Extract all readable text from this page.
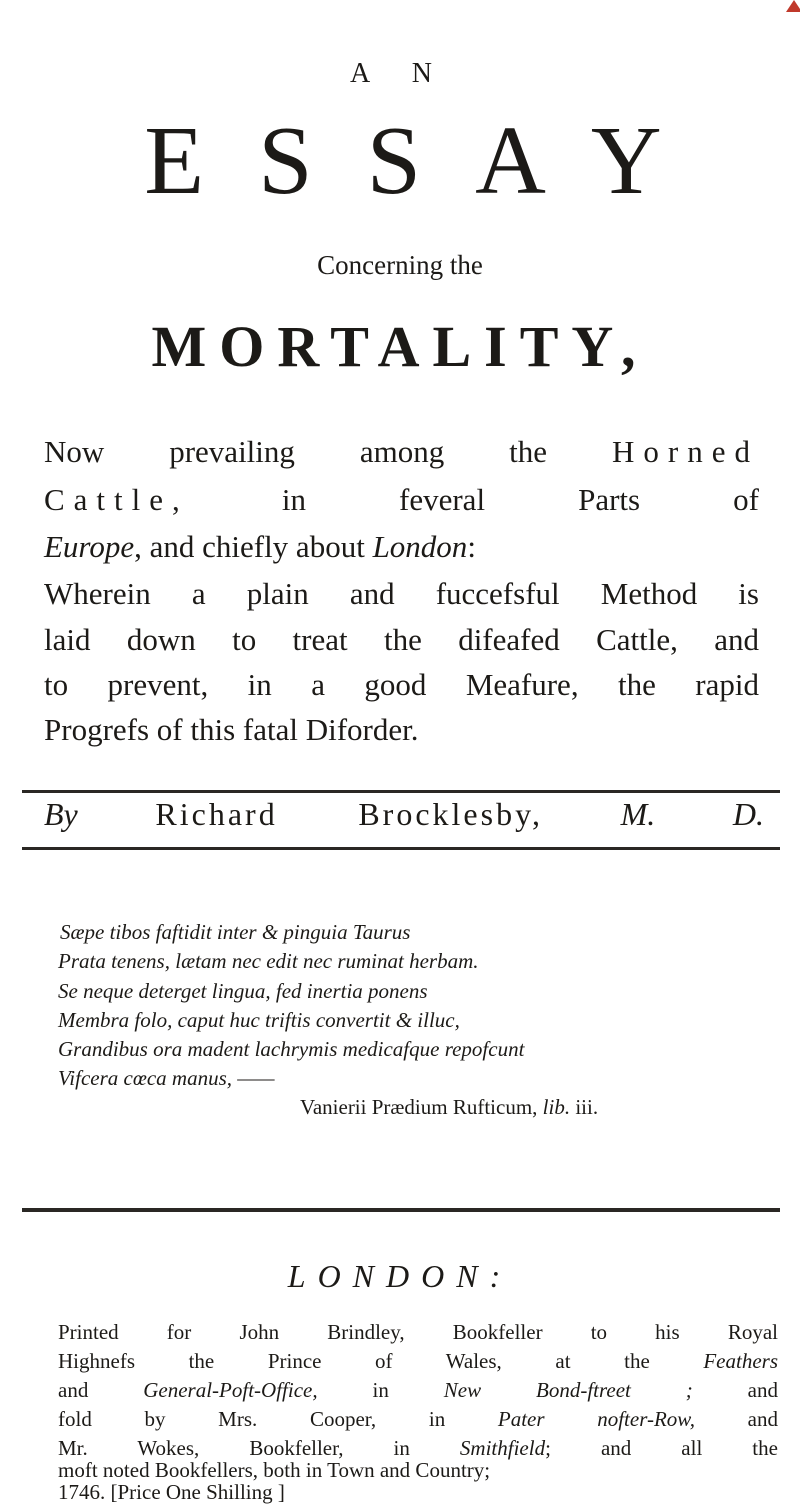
A N
ESSAY
Concerning the
MORTALITY,
Now prevailing among the Horned
Cattle, in feveral Parts of
Europe, and chiefly about London:
Wherein a plain and fuccefsful Method is
laid down to treat the difeafed Cattle, and
to prevent, in a good Meafure, the rapid
Progrefs of this fatal Diforder.
By Richard Brocklesby, M. D.
Sæpe tibos faftidit inter & pinguia Taurus
Prata tenens, lætam nec edit nec ruminat herbam.
Se neque deterget lingua, fed inertia ponens
Membra folo, caput huc triftis convertit & illuc,
Grandibus ora madent lachrymis medicafque repofcunt
Vifcera cœca manus, ——
Vanierii Prædium Rufticum, lib. iii.
LONDON:
Printed for John Brindley, Bookfeller to his Royal
Highnefs the Prince of Wales, at the Feathers
and General-Poft-Office, in New Bond-ftreet ; and
fold by Mrs. Cooper, in Pater nofter-Row, and
Mr. Wokes, Bookfeller, in Smithfield; and all the
moft noted Bookfellers, both in Town and Country;
1746. [Price One Shilling ]
